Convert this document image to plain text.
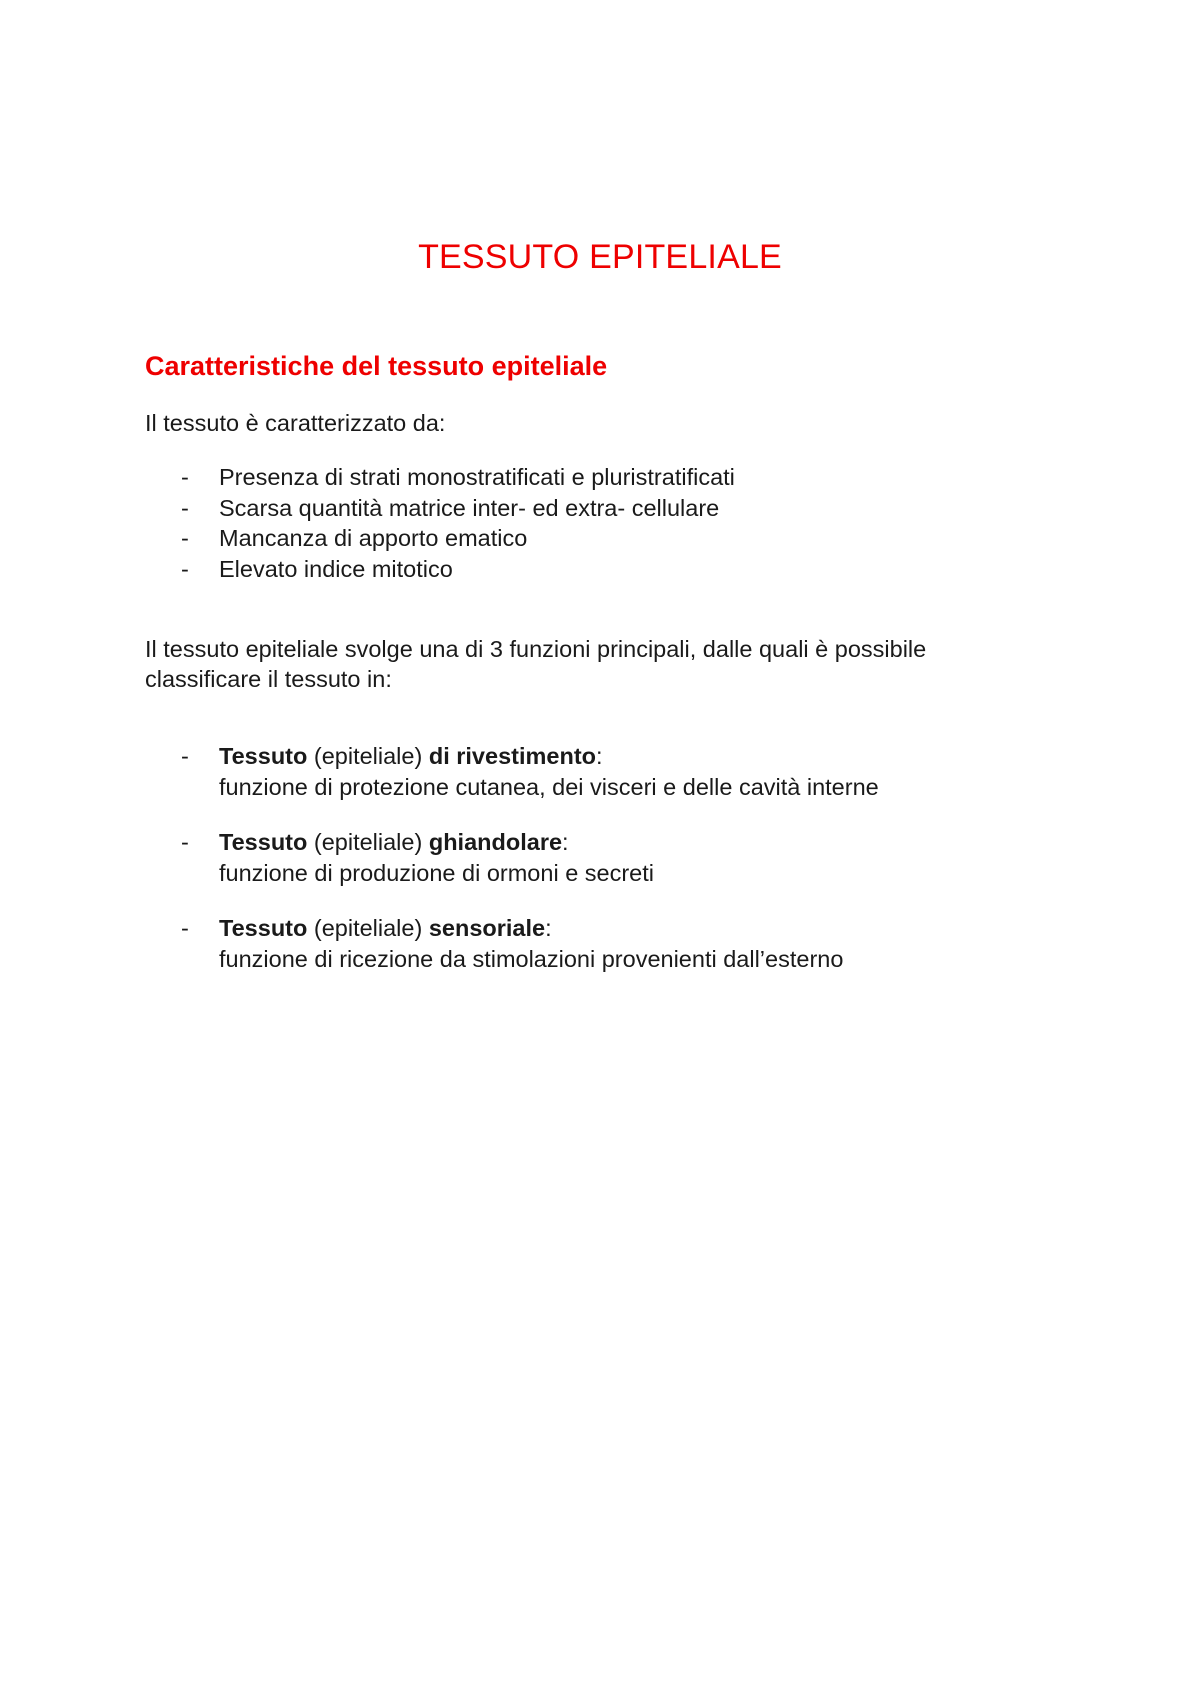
TESSUTO EPITELIALE
Caratteristiche del tessuto epiteliale
Il tessuto è caratterizzato da:
- Presenza di strati monostratificati e pluristratificati
- Scarsa quantità matrice inter- ed extra- cellulare
- Mancanza di apporto ematico
- Elevato indice mitotico
Il tessuto epiteliale svolge una di 3 funzioni principali, dalle quali è possibile
classificare il tessuto in:
- Tessuto (epiteliale) di rivestimento:
funzione di protezione cutanea, dei visceri e delle cavità interne
- Tessuto (epiteliale) ghiandolare:
funzione di produzione di ormoni e secreti
- Tessuto (epiteliale) sensoriale:
funzione di ricezione da stimolazioni provenienti dall’esterno
